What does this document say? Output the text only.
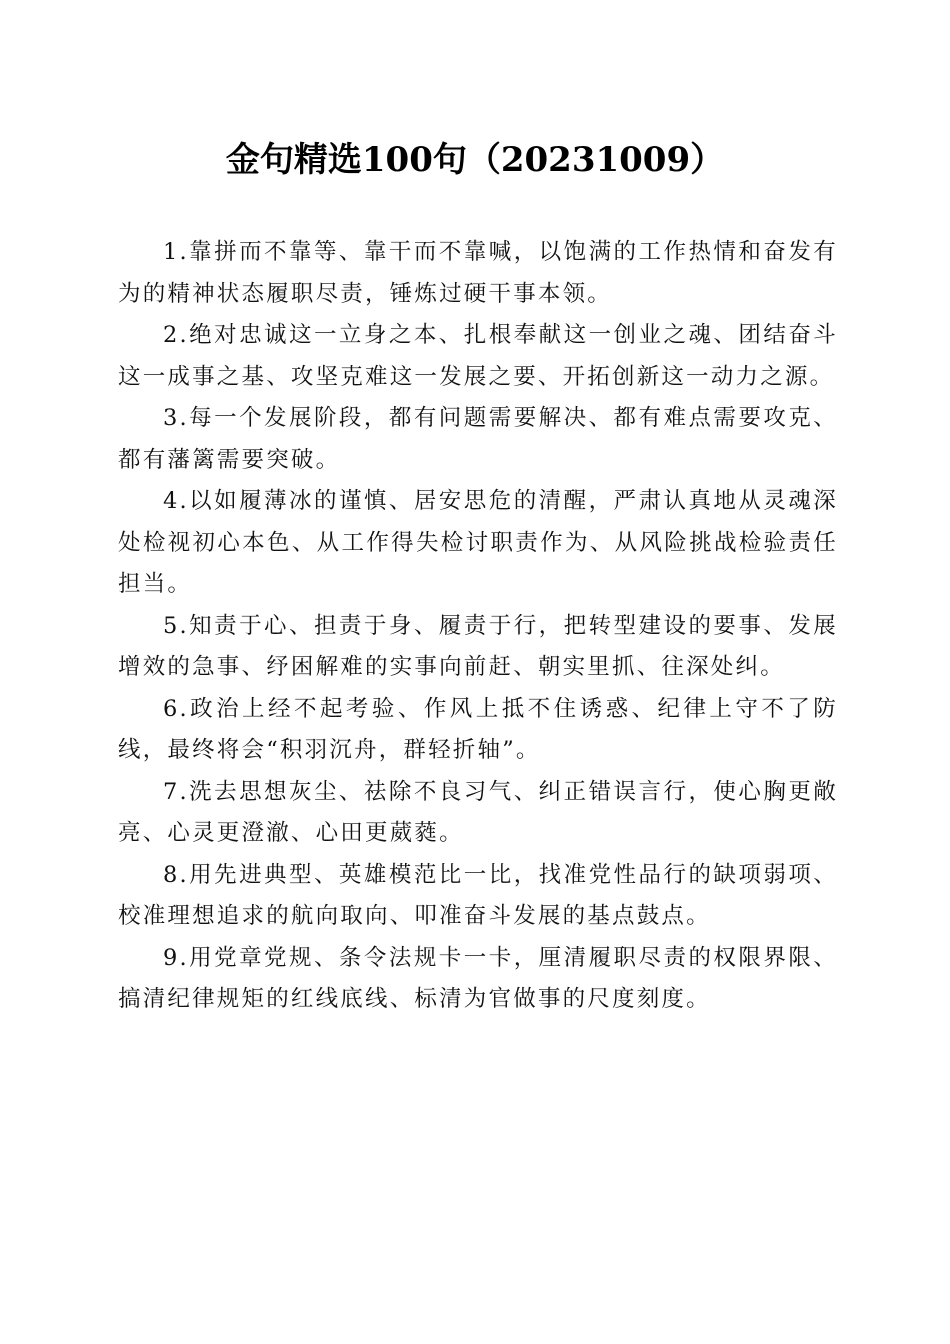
金句精选100句（20231009）

1.靠拼而不靠等、靠干而不靠喊，以饱满的工作热情和奋发有为的精神状态履职尽责，锤炼过硬干事本领。

2.绝对忠诚这一立身之本、扎根奉献这一创业之魂、团结奋斗这一成事之基、攻坚克难这一发展之要、开拓创新这一动力之源。

3.每一个发展阶段，都有问题需要解决、都有难点需要攻克、都有藩篱需要突破。

4.以如履薄冰的谨慎、居安思危的清醒，严肃认真地从灵魂深处检视初心本色、从工作得失检讨职责作为、从风险挑战检验责任担当。

5.知责于心、担责于身、履责于行，把转型建设的要事、发展增效的急事、纾困解难的实事向前赶、朝实里抓、往深处纠。

6.政治上经不起考验、作风上抵不住诱惑、纪律上守不了防线，最终将会“积羽沉舟，群轻折轴”。

7.洗去思想灰尘、祛除不良习气、纠正错误言行，使心胸更敞亮、心灵更澄澈、心田更葳蕤。

8.用先进典型、英雄模范比一比，找准党性品行的缺项弱项、校准理想追求的航向取向、叩准奋斗发展的基点鼓点。

9.用党章党规、条令法规卡一卡，厘清履职尽责的权限界限、搞清纪律规矩的红线底线、标清为官做事的尺度刻度。
